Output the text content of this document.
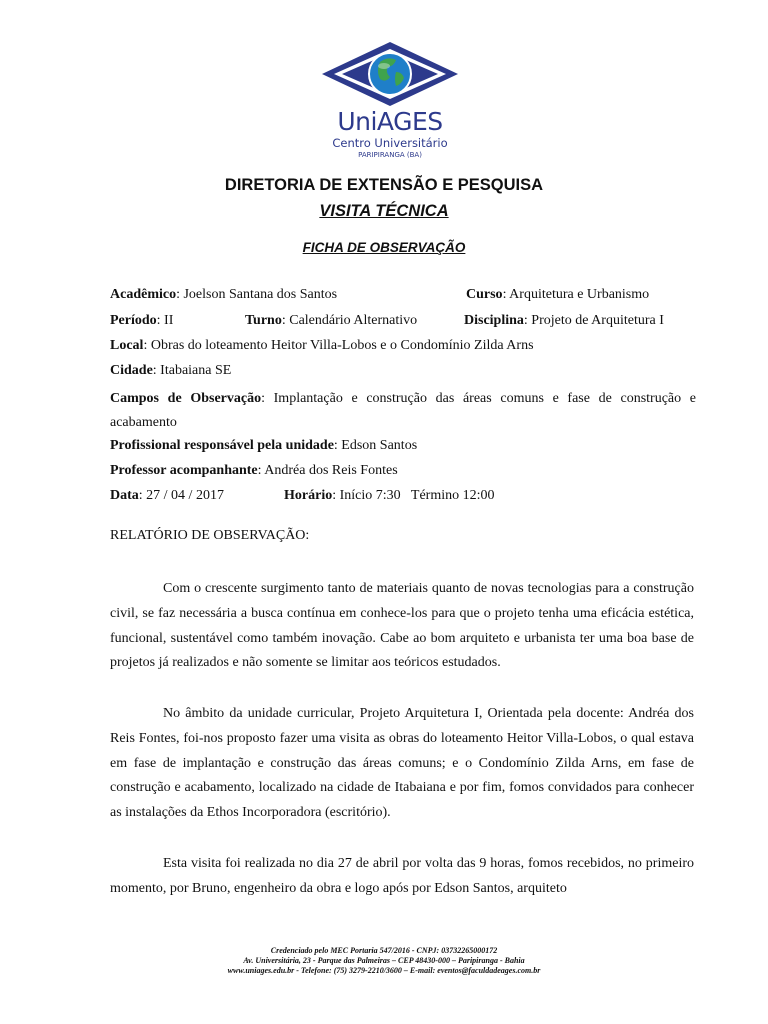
UniAGES
Centro Universitário
PARIPIRANGA (BA)
DIRETORIA DE EXTENSÃO E PESQUISA
VISITA TÉCNICA
FICHA DE OBSERVAÇÃO
Acadêmico: Joelson Santana dos Santos	Curso: Arquitetura e Urbanismo
Período: II	Turno: Calendário Alternativo	Disciplina: Projeto de Arquitetura I
Local: Obras do loteamento Heitor Villa-Lobos e o Condomínio Zilda Arns
Cidade: Itabaiana SE
Campos de Observação: Implantação e construção das áreas comuns e fase de construção e acabamento
Profissional responsável pela unidade: Edson Santos
Professor acompanhante: Andréa dos Reis Fontes
Data: 27 / 04 / 2017	Horário: Início 7:30   Término 12:00
RELATÓRIO DE OBSERVAÇÃO:
Com o crescente surgimento tanto de materiais quanto de novas tecnologias para a construção civil, se faz necessária a busca contínua em conhece-los para que o projeto tenha uma eficácia estética, funcional, sustentável como também inovação. Cabe ao bom arquiteto e urbanista ter uma boa base de projetos já realizados e não somente se limitar aos teóricos estudados.
No âmbito da unidade curricular, Projeto Arquitetura I, Orientada pela docente: Andréa dos Reis Fontes, foi-nos proposto fazer uma visita as obras do loteamento Heitor Villa-Lobos, o qual estava em fase de implantação e construção das áreas comuns; e o Condomínio Zilda Arns, em fase de construção e acabamento, localizado na cidade de Itabaiana e por fim, fomos convidados para conhecer as instalações da Ethos Incorporadora (escritório).
Esta visita foi realizada no dia 27 de abril por volta das 9 horas, fomos recebidos, no primeiro momento, por Bruno, engenheiro da obra e logo após por Edson Santos, arquiteto
Credenciado pelo MEC Portaria 547/2016 - CNPJ: 03732265000172
Av. Universitária, 23 - Parque das Palmeiras – CEP 48430-000 – Paripiranga - Bahia
www.uniages.edu.br - Telefone: (75) 3279-2210/3600 – E-mail: eventos@faculdadeages.com.br
